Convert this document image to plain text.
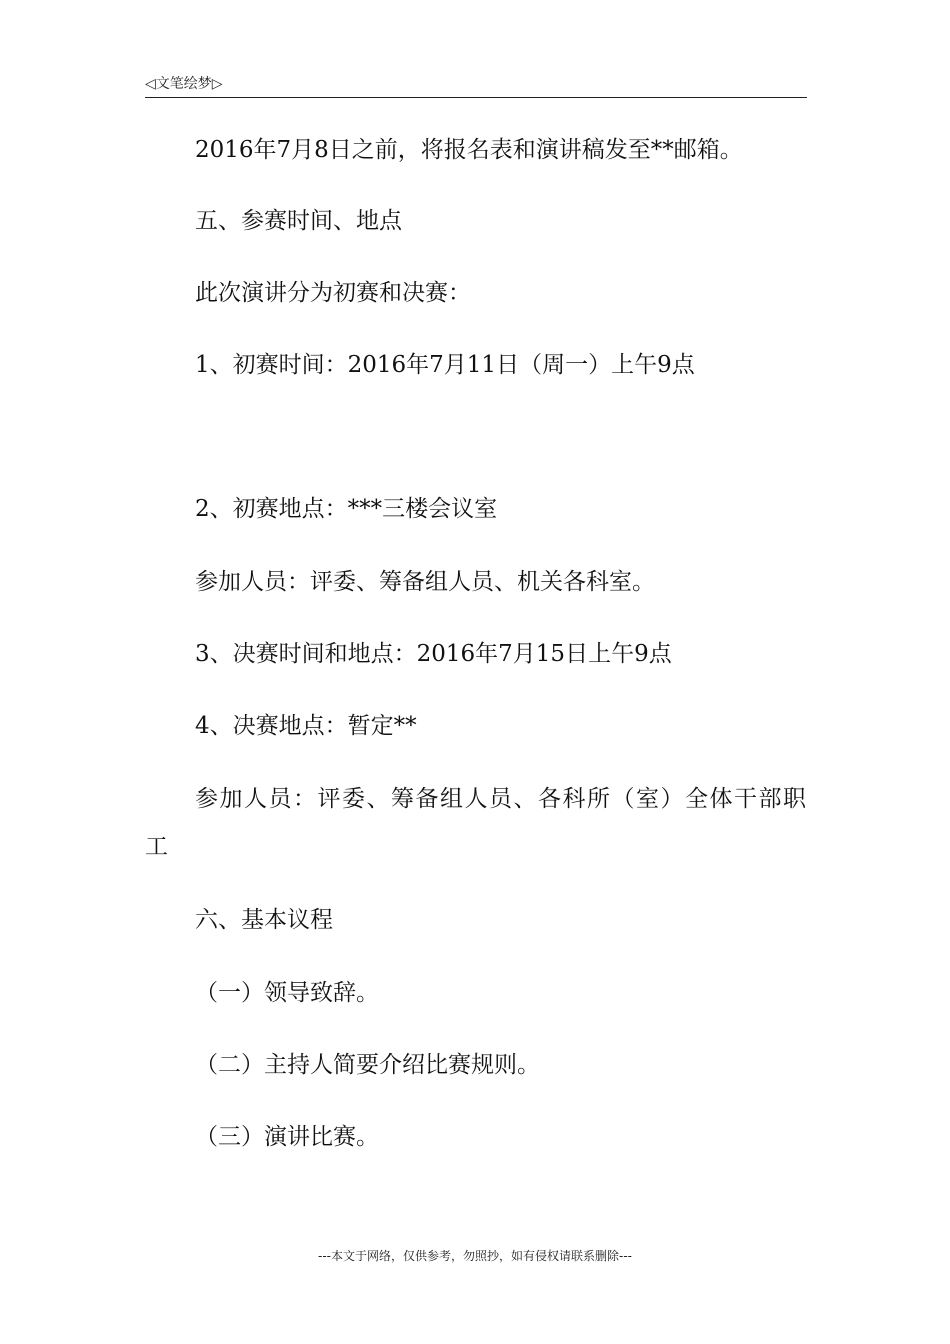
◁文笔绘梦▷
2016年7月8日之前，将报名表和演讲稿发至**邮箱。
五、参赛时间、地点
此次演讲分为初赛和决赛：
1、初赛时间：2016年7月11日（周一）上午9点
2、初赛地点：***三楼会议室
参加人员：评委、筹备组人员、机关各科室。
3、决赛时间和地点：2016年7月15日上午9点
4、决赛地点：暂定**
参加人员：评委、筹备组人员、各科所（室）全体干部职工
六、基本议程
（一）领导致辞。
（二）主持人简要介绍比赛规则。
（三）演讲比赛。
---本文于网络，仅供参考，勿照抄，如有侵权请联系删除---
